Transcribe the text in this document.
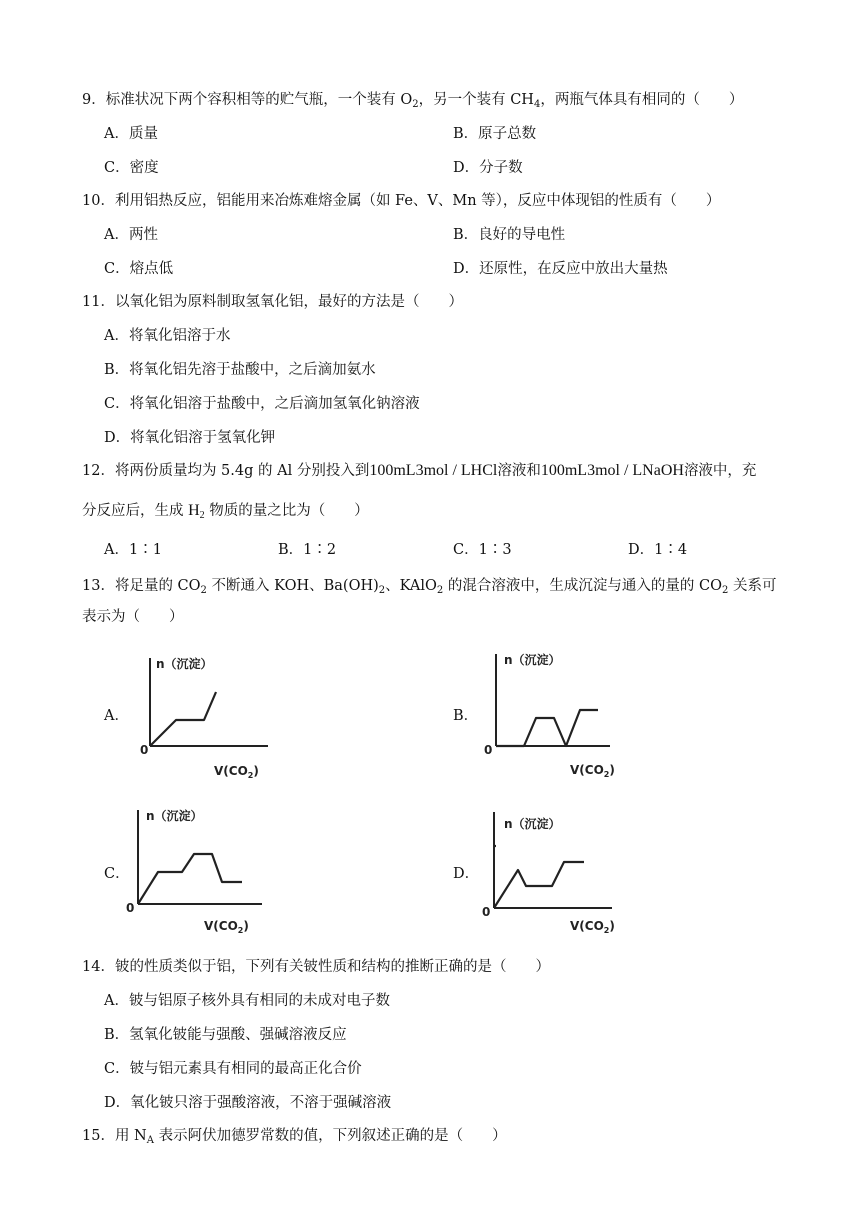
9．标准状况下两个容积相等的贮气瓶，一个装有 $O_2$，另一个装有 $CH_4$，两瓶气体具有相同的（　　）
A．质量	B．原子总数
C．密度	D．分子数
10．利用铝热反应，铝能用来冶炼难熔金属（如 Fe、V、Mn 等），反应中体现铝的性质有（　　）
A．两性	B．良好的导电性
C．熔点低	D．还原性，在反应中放出大量热
11．以氧化铝为原料制取氢氧化铝，最好的方法是（　　）
A．将氧化铝溶于水
B．将氧化铝先溶于盐酸中，之后滴加氨水
C．将氧化铝溶于盐酸中，之后滴加氢氧化钠溶液
D．将氧化铝溶于氢氧化钾
12．将两份质量均为 5.4g 的 Al 分别投入到100mL3mol / LHCl溶液和100mL3mol / LNaOH溶液中，充
分反应后，生成 $H_2$ 物质的量之比为（　　）
A．1∶1	B．1∶2	C．1∶3	D．1∶4
13．将足量的 $CO_2$ 不断通入 KOH、$Ba(OH)_2$、KAlO$_2$ 的混合溶液中，生成沉淀与通入的量的 $CO_2$ 关系可
表示为（　　）
A．	B．
C．	D．
n（沉淀）
0
$V(CO_2)$
n（沉淀）
0
$V(CO_2)$
n（沉淀）
0
$V(CO_2)$
n（沉淀）
0
$V(CO_2)$
14．铍的性质类似于铝，下列有关铍性质和结构的推断正确的是（　　）
A．铍与铝原子核外具有相同的未成对电子数
B．氢氧化铍能与强酸、强碱溶液反应
C．铍与铝元素具有相同的最高正化合价
D．氧化铍只溶于强酸溶液，不溶于强碱溶液
15．用 $N_A$ 表示阿伏加德罗常数的值，下列叙述正确的是（　　）
